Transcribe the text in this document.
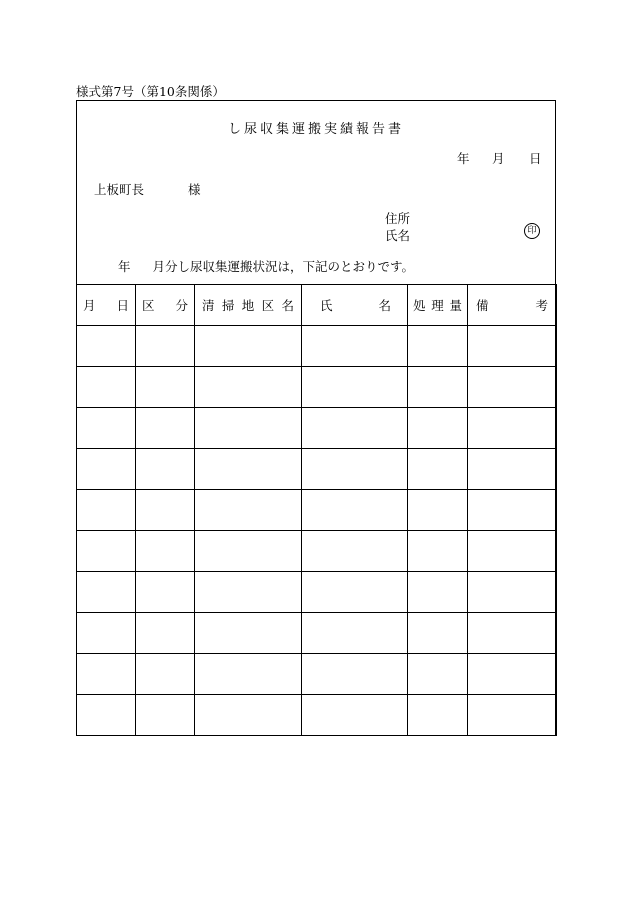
様式第7号（第10条関係）
し尿収集運搬実績報告書
年 月 日
上板町長	様
住所
氏名	印
年 月分し尿収集運搬状況は，下記のとおりです。
月 日	区 分	清 掃 地 区 名	氏 名	処 理 量	備 考
